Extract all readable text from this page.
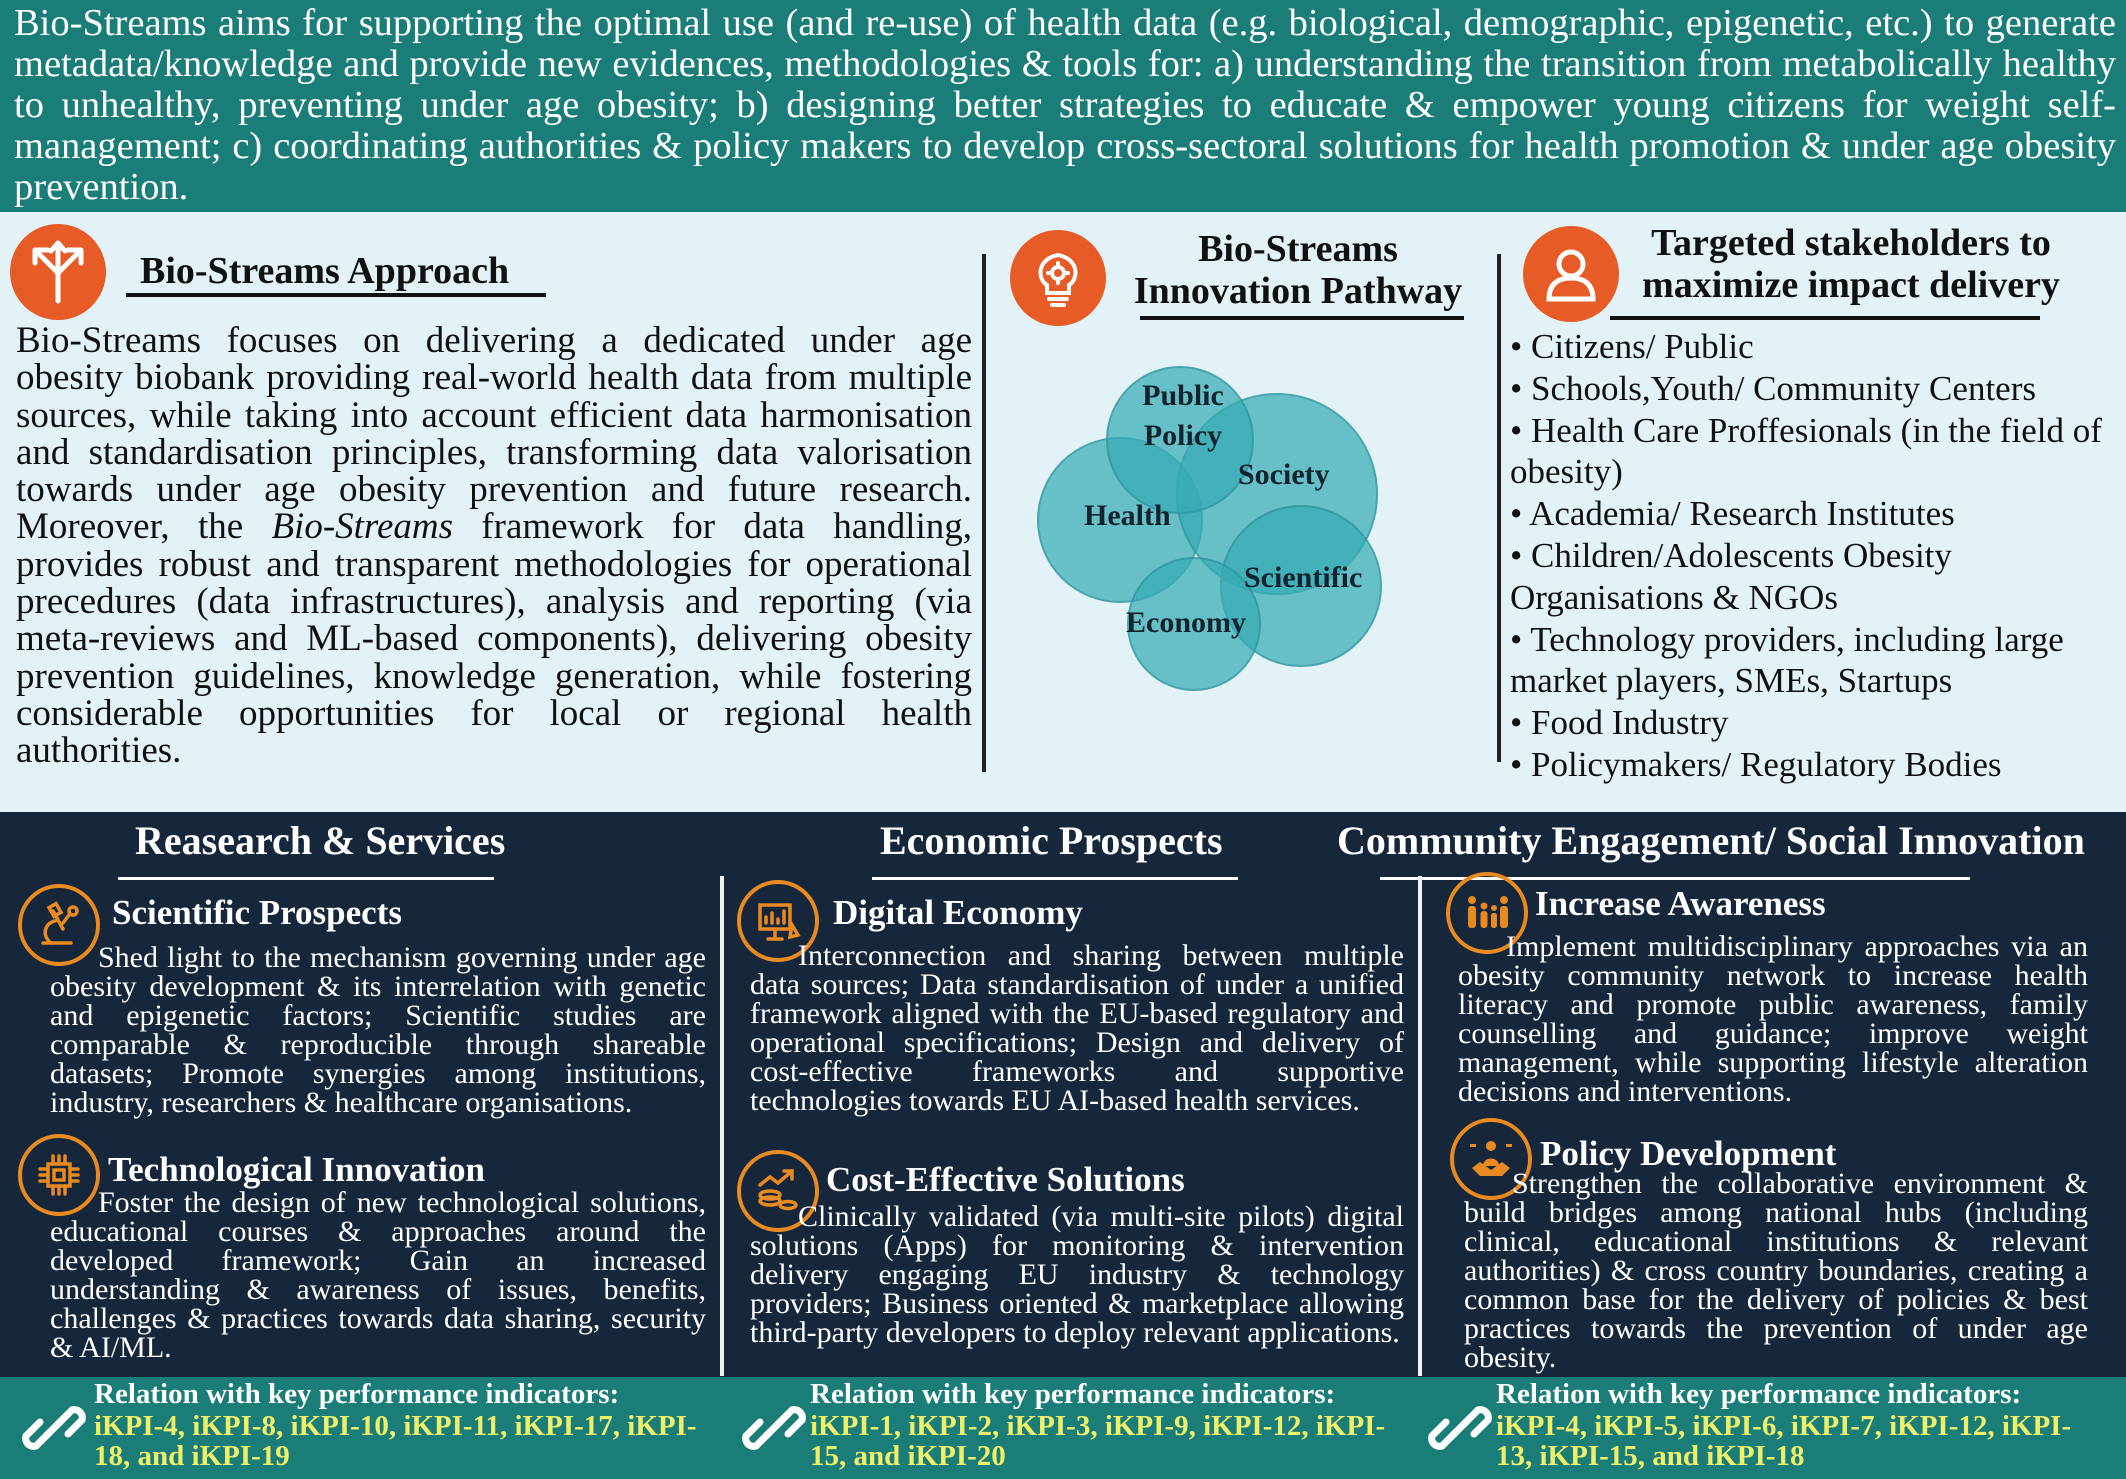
Bio-Streams aims for supporting the optimal use (and re-use) of health data (e.g. biological, demographic, epigenetic, etc.) to generate metadata/knowledge and provide new evidences, methodologies & tools for: a) understanding the transition from metabolically healthy to unhealthy, preventing under age obesity; b) designing better strategies to educate & empower young citizens for weight self-management; c) coordinating authorities & policy makers to develop cross-sectoral solutions for health promotion & under age obesity prevention.

Bio-Streams Approach
Bio-Streams focuses on delivering a dedicated under age obesity biobank providing real-world health data from multiple sources, while taking into account efficient data harmonisation and standardisation principles, transforming data valorisation towards under age obesity prevention and future research. Moreover, the Bio-Streams framework for data handling, provides robust and transparent methodologies for operational precedures (data infrastructures), analysis and reporting (via meta-reviews and ML-based components), delivering obesity prevention guidelines, knowledge generation, while fostering considerable opportunities for local or regional health authorities.
Bio-Streams
Innovation Pathway
Public
Policy
Society
Health
Scientific
Economy
Targeted stakeholders to
maximize impact delivery
• Citizens/ Public
• Schools,Youth/ Community Centers
• Health Care Proffesionals (in the field of obesity)
• Academia/ Research Institutes
• Children/Adolescents Obesity Organisations & NGOs
• Technology providers, including large market players, SMEs, Startups
• Food Industry
• Policymakers/ Regulatory Bodies
Reasearch & Services	Economic Prospects	Community Engagement/ Social Innovation
Scientific Prospects
Shed light to the mechanism governing under age obesity development & its interrelation with genetic and epigenetic factors; Scientific studies are comparable & reproducible through shareable datasets; Promote synergies among institutions, industry, researchers & healthcare organisations.
Technological Innovation
Foster the design of new technological solutions, educational courses & approaches around the developed framework; Gain an increased understanding & awareness of issues, benefits, challenges & practices towards data sharing, security & AI/ML.
Digital Economy
Interconnection and sharing between multiple data sources; Data standardisation of under a unified framework aligned with the EU-based regulatory and operational specifications; Design and delivery of cost-effective frameworks and supportive technologies towards EU AI-based health services.
Cost-Effective Solutions
Clinically validated (via multi-site pilots) digital solutions (Apps) for monitoring & intervention delivery engaging EU industry & technology providers; Business oriented & marketplace allowing third-party developers to deploy relevant applications.
Increase Awareness
Implement multidisciplinary approaches via an obesity community network to increase health literacy and promote public awareness, family counselling and guidance; improve weight management, while supporting lifestyle alteration decisions and interventions.
Policy Development
Strengthen the collaborative environment & build bridges among national hubs (including clinical, educational institutions & relevant authorities) & cross country boundaries, creating a common base for the delivery of policies & best practices towards the prevention of under age obesity.
Relation with key performance indicators:
iKPI-4, iKPI-8, iKPI-10, iKPI-11, iKPI-17, iKPI-18, and iKPI-19
Relation with key performance indicators:
iKPI-1, iKPI-2, iKPI-3, iKPI-9, iKPI-12, iKPI-15, and iKPI-20
Relation with key performance indicators:
iKPI-4, iKPI-5, iKPI-6, iKPI-7, iKPI-12, iKPI-13, iKPI-15, and iKPI-18
